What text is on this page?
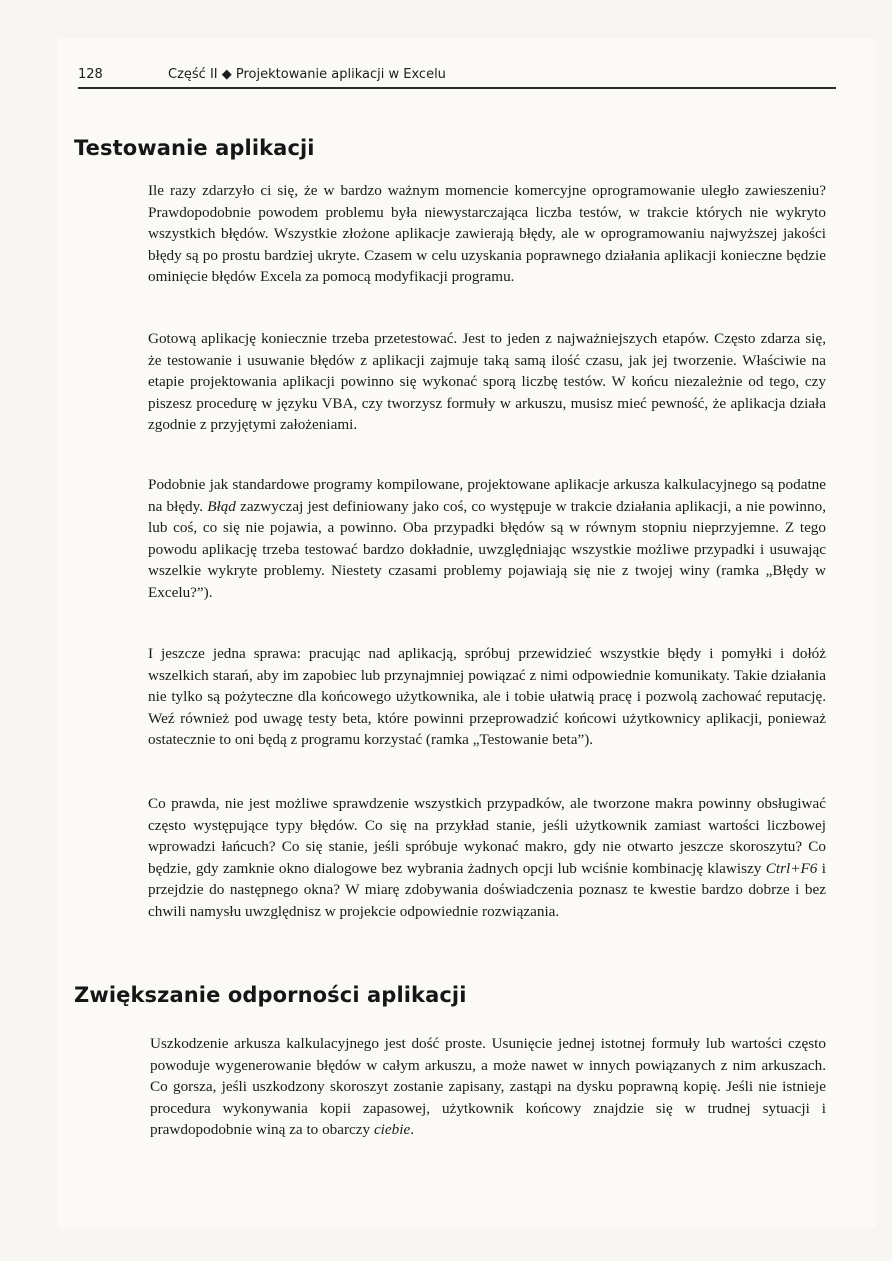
128	Część II ◆ Projektowanie aplikacji w Excelu
Testowanie aplikacji

Ile razy zdarzyło ci się, że w bardzo ważnym momencie komercyjne oprogramowanie uległo zawieszeniu? Prawdopodobnie powodem problemu była niewystarczająca liczba testów, w trakcie których nie wykryto wszystkich błędów. Wszystkie złożone aplikacje zawierają błędy, ale w oprogramowaniu najwyższej jakości błędy są po prostu bardziej ukryte. Czasem w celu uzyskania poprawnego działania aplikacji konieczne będzie ominięcie błędów Excela za pomocą modyfikacji programu.

Gotową aplikację koniecznie trzeba przetestować. Jest to jeden z najważniejszych etapów. Często zdarza się, że testowanie i usuwanie błędów z aplikacji zajmuje taką samą ilość czasu, jak jej tworzenie. Właściwie na etapie projektowania aplikacji powinno się wykonać sporą liczbę testów. W końcu niezależnie od tego, czy piszesz procedurę w języku VBA, czy tworzysz formuły w arkuszu, musisz mieć pewność, że aplikacja działa zgodnie z przyjętymi założeniami.

Podobnie jak standardowe programy kompilowane, projektowane aplikacje arkusza kalkulacyjnego są podatne na błędy. Błąd zazwyczaj jest definiowany jako coś, co występuje w trakcie działania aplikacji, a nie powinno, lub coś, co się nie pojawia, a powinno. Oba przypadki błędów są w równym stopniu nieprzyjemne. Z tego powodu aplikację trzeba testować bardzo dokładnie, uwzględniając wszystkie możliwe przypadki i usuwając wszelkie wykryte problemy. Niestety czasami problemy pojawiają się nie z twojej winy (ramka „Błędy w Excelu?”).

I jeszcze jedna sprawa: pracując nad aplikacją, spróbuj przewidzieć wszystkie błędy i pomyłki i dołóż wszelkich starań, aby im zapobiec lub przynajmniej powiązać z nimi odpowiednie komunikaty. Takie działania nie tylko są pożyteczne dla końcowego użytkownika, ale i tobie ułatwią pracę i pozwolą zachować reputację. Weź również pod uwagę testy beta, które powinni przeprowadzić końcowi użytkownicy aplikacji, ponieważ ostatecznie to oni będą z programu korzystać (ramka „Testowanie beta”).

Co prawda, nie jest możliwe sprawdzenie wszystkich przypadków, ale tworzone makra powinny obsługiwać często występujące typy błędów. Co się na przykład stanie, jeśli użytkownik zamiast wartości liczbowej wprowadzi łańcuch? Co się stanie, jeśli spróbuje wykonać makro, gdy nie otwarto jeszcze skoroszytu? Co będzie, gdy zamknie okno dialogowe bez wybrania żadnych opcji lub wciśnie kombinację klawiszy Ctrl+F6 i przejdzie do następnego okna? W miarę zdobywania doświadczenia poznasz te kwestie bardzo dobrze i bez chwili namysłu uwzględnisz w projekcie odpowiednie rozwiązania.

Zwiększanie odporności aplikacji

Uszkodzenie arkusza kalkulacyjnego jest dość proste. Usunięcie jednej istotnej formuły lub wartości często powoduje wygenerowanie błędów w całym arkuszu, a może nawet w innych powiązanych z nim arkuszach. Co gorsza, jeśli uszkodzony skoroszyt zostanie zapisany, zastąpi na dysku poprawną kopię. Jeśli nie istnieje procedura wykonywania kopii zapasowej, użytkownik końcowy znajdzie się w trudnej sytuacji i prawdopodobnie winą za to obarczy ciebie.
